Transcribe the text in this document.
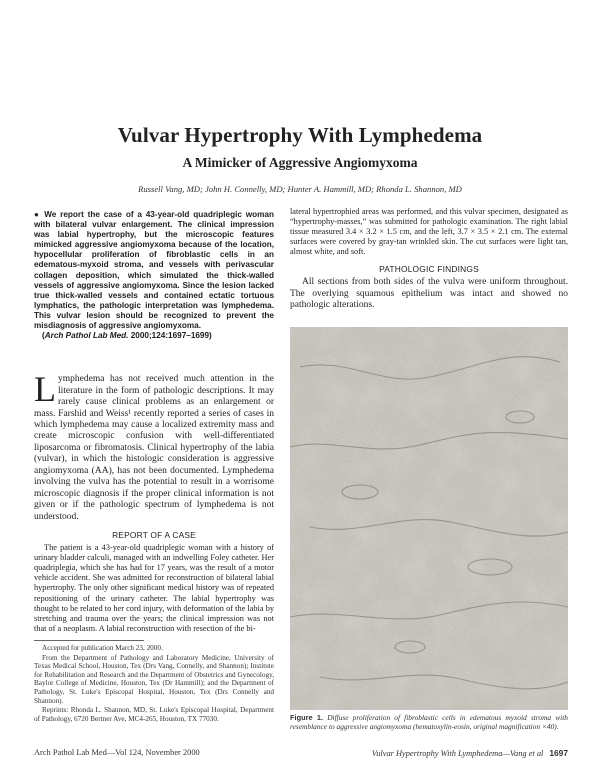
Vulvar Hypertrophy With Lymphedema
A Mimicker of Aggressive Angiomyxoma
Russell Vang, MD; John H. Connelly, MD; Hunter A. Hammill, MD; Rhonda L. Shannon, MD

● We report the case of a 43-year-old quadriplegic woman with bilateral vulvar enlargement. The clinical impression was labial hypertrophy, but the microscopic features mimicked aggressive angiomyxoma because of the location, hypocellular proliferation of fibroblastic cells in an edematous-myxoid stroma, and vessels with perivascular collagen deposition, which simulated the thick-walled vessels of aggressive angiomyxoma. Since the lesion lacked true thick-walled vessels and contained ectatic tortuous lymphatics, the pathologic interpretation was lymphedema. This vulvar lesion should be recognized to prevent the misdiagnosis of aggressive angiomyxoma.

(Arch Pathol Lab Med. 2000;124:1697–1699)

Lymphedema has not received much attention in the literature in the form of pathologic descriptions. It may rarely cause clinical problems as an enlargement or mass. Farshid and Weiss¹ recently reported a series of cases in which lymphedema may cause a localized extremity mass and create microscopic confusion with well-differentiated liposarcoma or fibromatosis. Clinical hypertrophy of the labia (vulvar), in which the histologic consideration is aggressive angiomyxoma (AA), has not been documented. Lymphedema involving the vulva has the potential to result in a worrisome microscopic diagnosis if the proper clinical information is not given or if the pathologic spectrum of lymphedema is not understood.

REPORT OF A CASE

The patient is a 43-year-old quadriplegic woman with a history of urinary bladder calculi, managed with an indwelling Foley catheter. Her quadriplegia, which she has had for 17 years, was the result of a motor vehicle accident. She was admitted for reconstruction of bilateral labial hypertrophy. The only other significant medical history was of repeated repositioning of the urinary catheter. The labial hypertrophy was thought to be related to her cord injury, with deformation of the labia by stretching and trauma over the years; the clinical impression was not that of a neoplasm. A labial reconstruction with resection of the bi-

Accepted for publication March 23, 2000.

From the Department of Pathology and Laboratory Medicine, University of Texas Medical School, Houston, Tex (Drs Vang, Connelly, and Shannon); Institute for Rehabilitation and Research and the Department of Obstetrics and Gynecology, Baylor College of Medicine, Houston, Tex (Dr Hammill); and the Department of Pathology, St. Luke's Episcopal Hospital, Houston, Tex (Drs Connelly and Shannon).

Reprints: Rhonda L. Shannon, MD, St. Luke's Episcopal Hospital, Department of Pathology, 6720 Bertner Ave, MC4-265, Houston, TX 77030.

lateral hypertrophied areas was performed, and this vulvar specimen, designated as “hypertrophy-masses,” was submitted for pathologic examination. The right labial tissue measured 3.4 × 3.2 × 1.5 cm, and the left, 3.7 × 3.5 × 2.1 cm. The external surfaces were covered by gray-tan wrinkled skin. The cut surfaces were light tan, almost white, and soft.

PATHOLOGIC FINDINGS

All sections from both sides of the vulva were uniform throughout. The overlying squamous epithelium was intact and showed no pathologic alterations.

Figure 1. Diffuse proliferation of fibroblastic cells in edematous myxoid stroma with resemblance to aggressive angiomyxoma (hematoxylin-eosin, original magnification ×40).

Arch Pathol Lab Med—Vol 124, November 2000	Vulvar Hypertrophy With Lymphedema—Vang et al 1697
